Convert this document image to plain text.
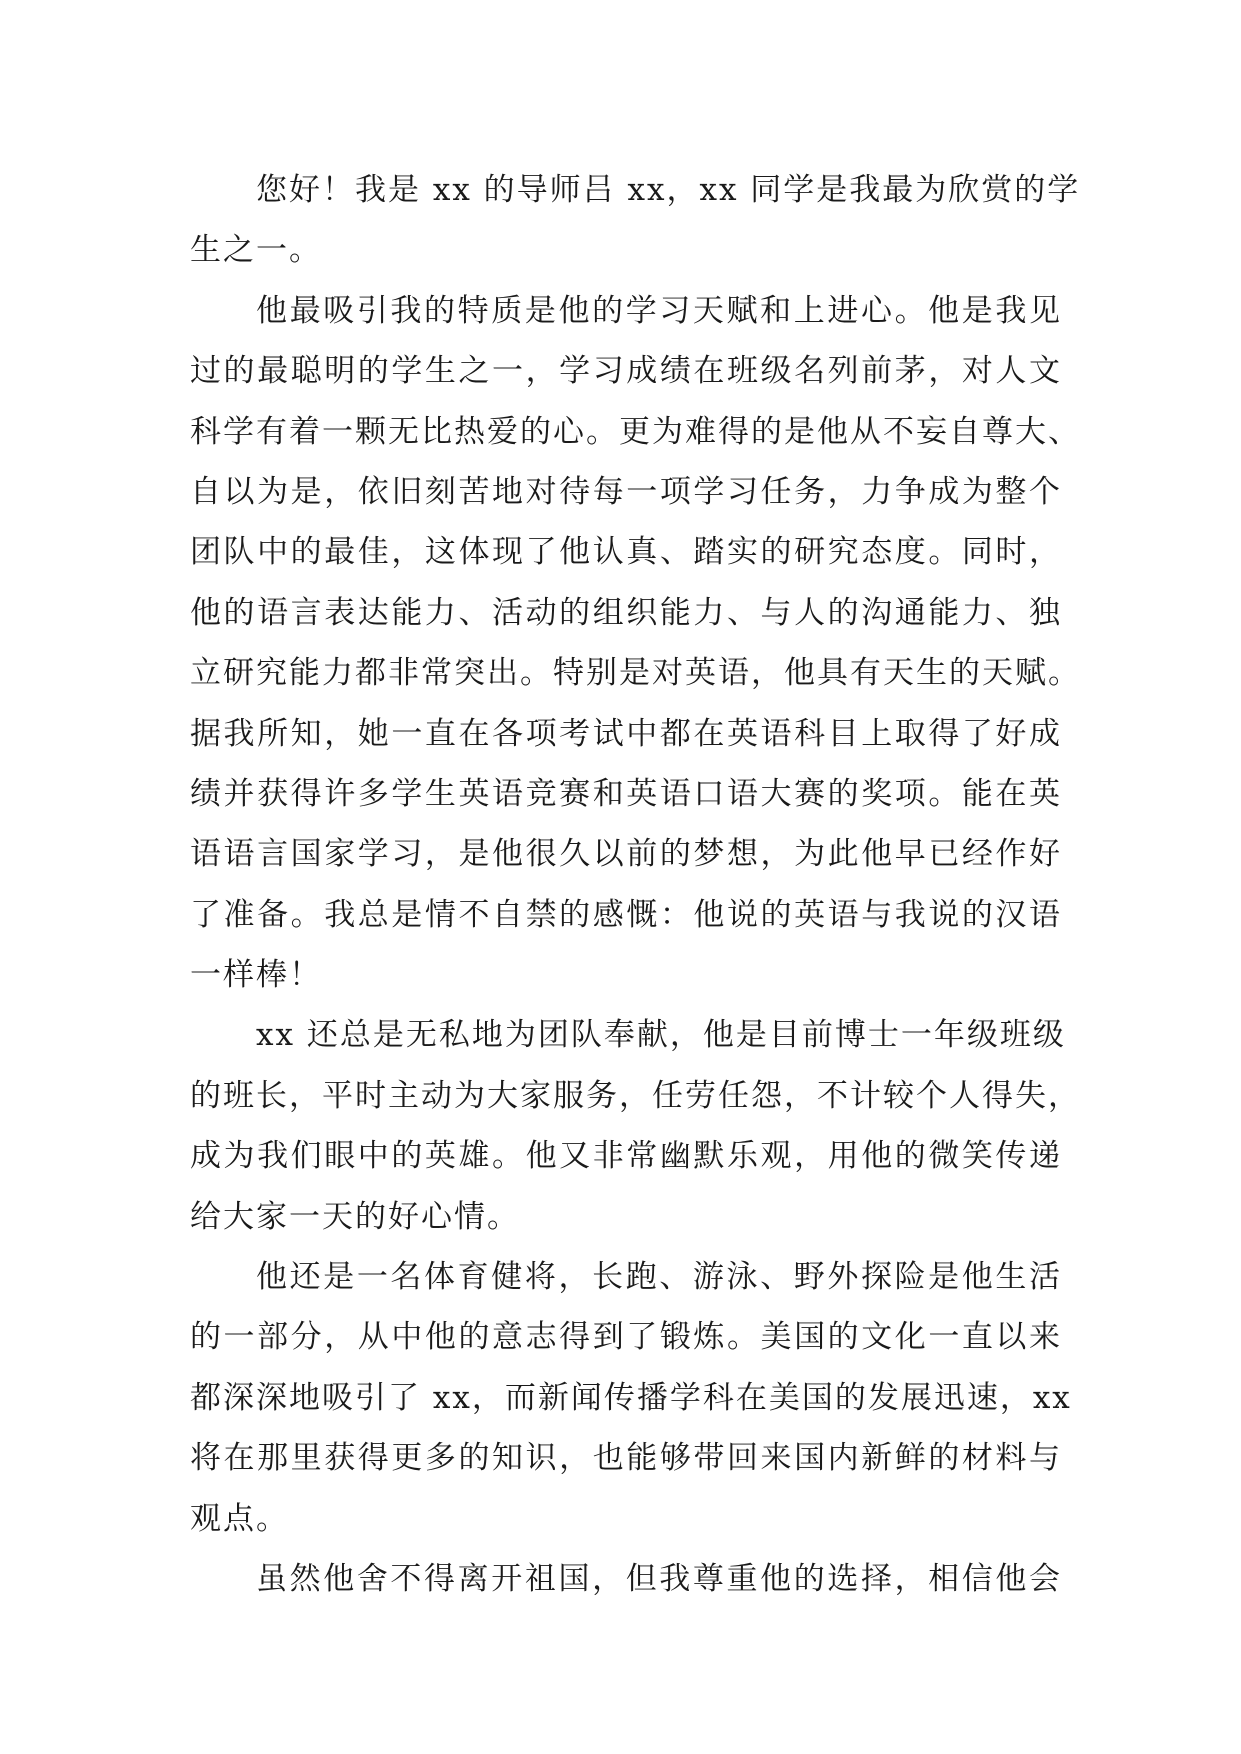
您好！我是 xx 的导师吕 xx，xx 同学是我最为欣赏的学
生之一。
他最吸引我的特质是他的学习天赋和上进心。他是我见
过的最聪明的学生之一，学习成绩在班级名列前茅，对人文
科学有着一颗无比热爱的心。更为难得的是他从不妄自尊大、
自以为是，依旧刻苦地对待每一项学习任务，力争成为整个
团队中的最佳，这体现了他认真、踏实的研究态度。同时，
他的语言表达能力、活动的组织能力、与人的沟通能力、独
立研究能力都非常突出。特别是对英语，他具有天生的天赋。
据我所知，她一直在各项考试中都在英语科目上取得了好成
绩并获得许多学生英语竞赛和英语口语大赛的奖项。能在英
语语言国家学习，是他很久以前的梦想，为此他早已经作好
了准备。我总是情不自禁的感慨：他说的英语与我说的汉语
一样棒！
xx 还总是无私地为团队奉献，他是目前博士一年级班级
的班长，平时主动为大家服务，任劳任怨，不计较个人得失，
成为我们眼中的英雄。他又非常幽默乐观，用他的微笑传递
给大家一天的好心情。
他还是一名体育健将，长跑、游泳、野外探险是他生活
的一部分，从中他的意志得到了锻炼。美国的文化一直以来
都深深地吸引了 xx，而新闻传播学科在美国的发展迅速，xx
将在那里获得更多的知识，也能够带回来国内新鲜的材料与
观点。
虽然他舍不得离开祖国，但我尊重他的选择，相信他会
